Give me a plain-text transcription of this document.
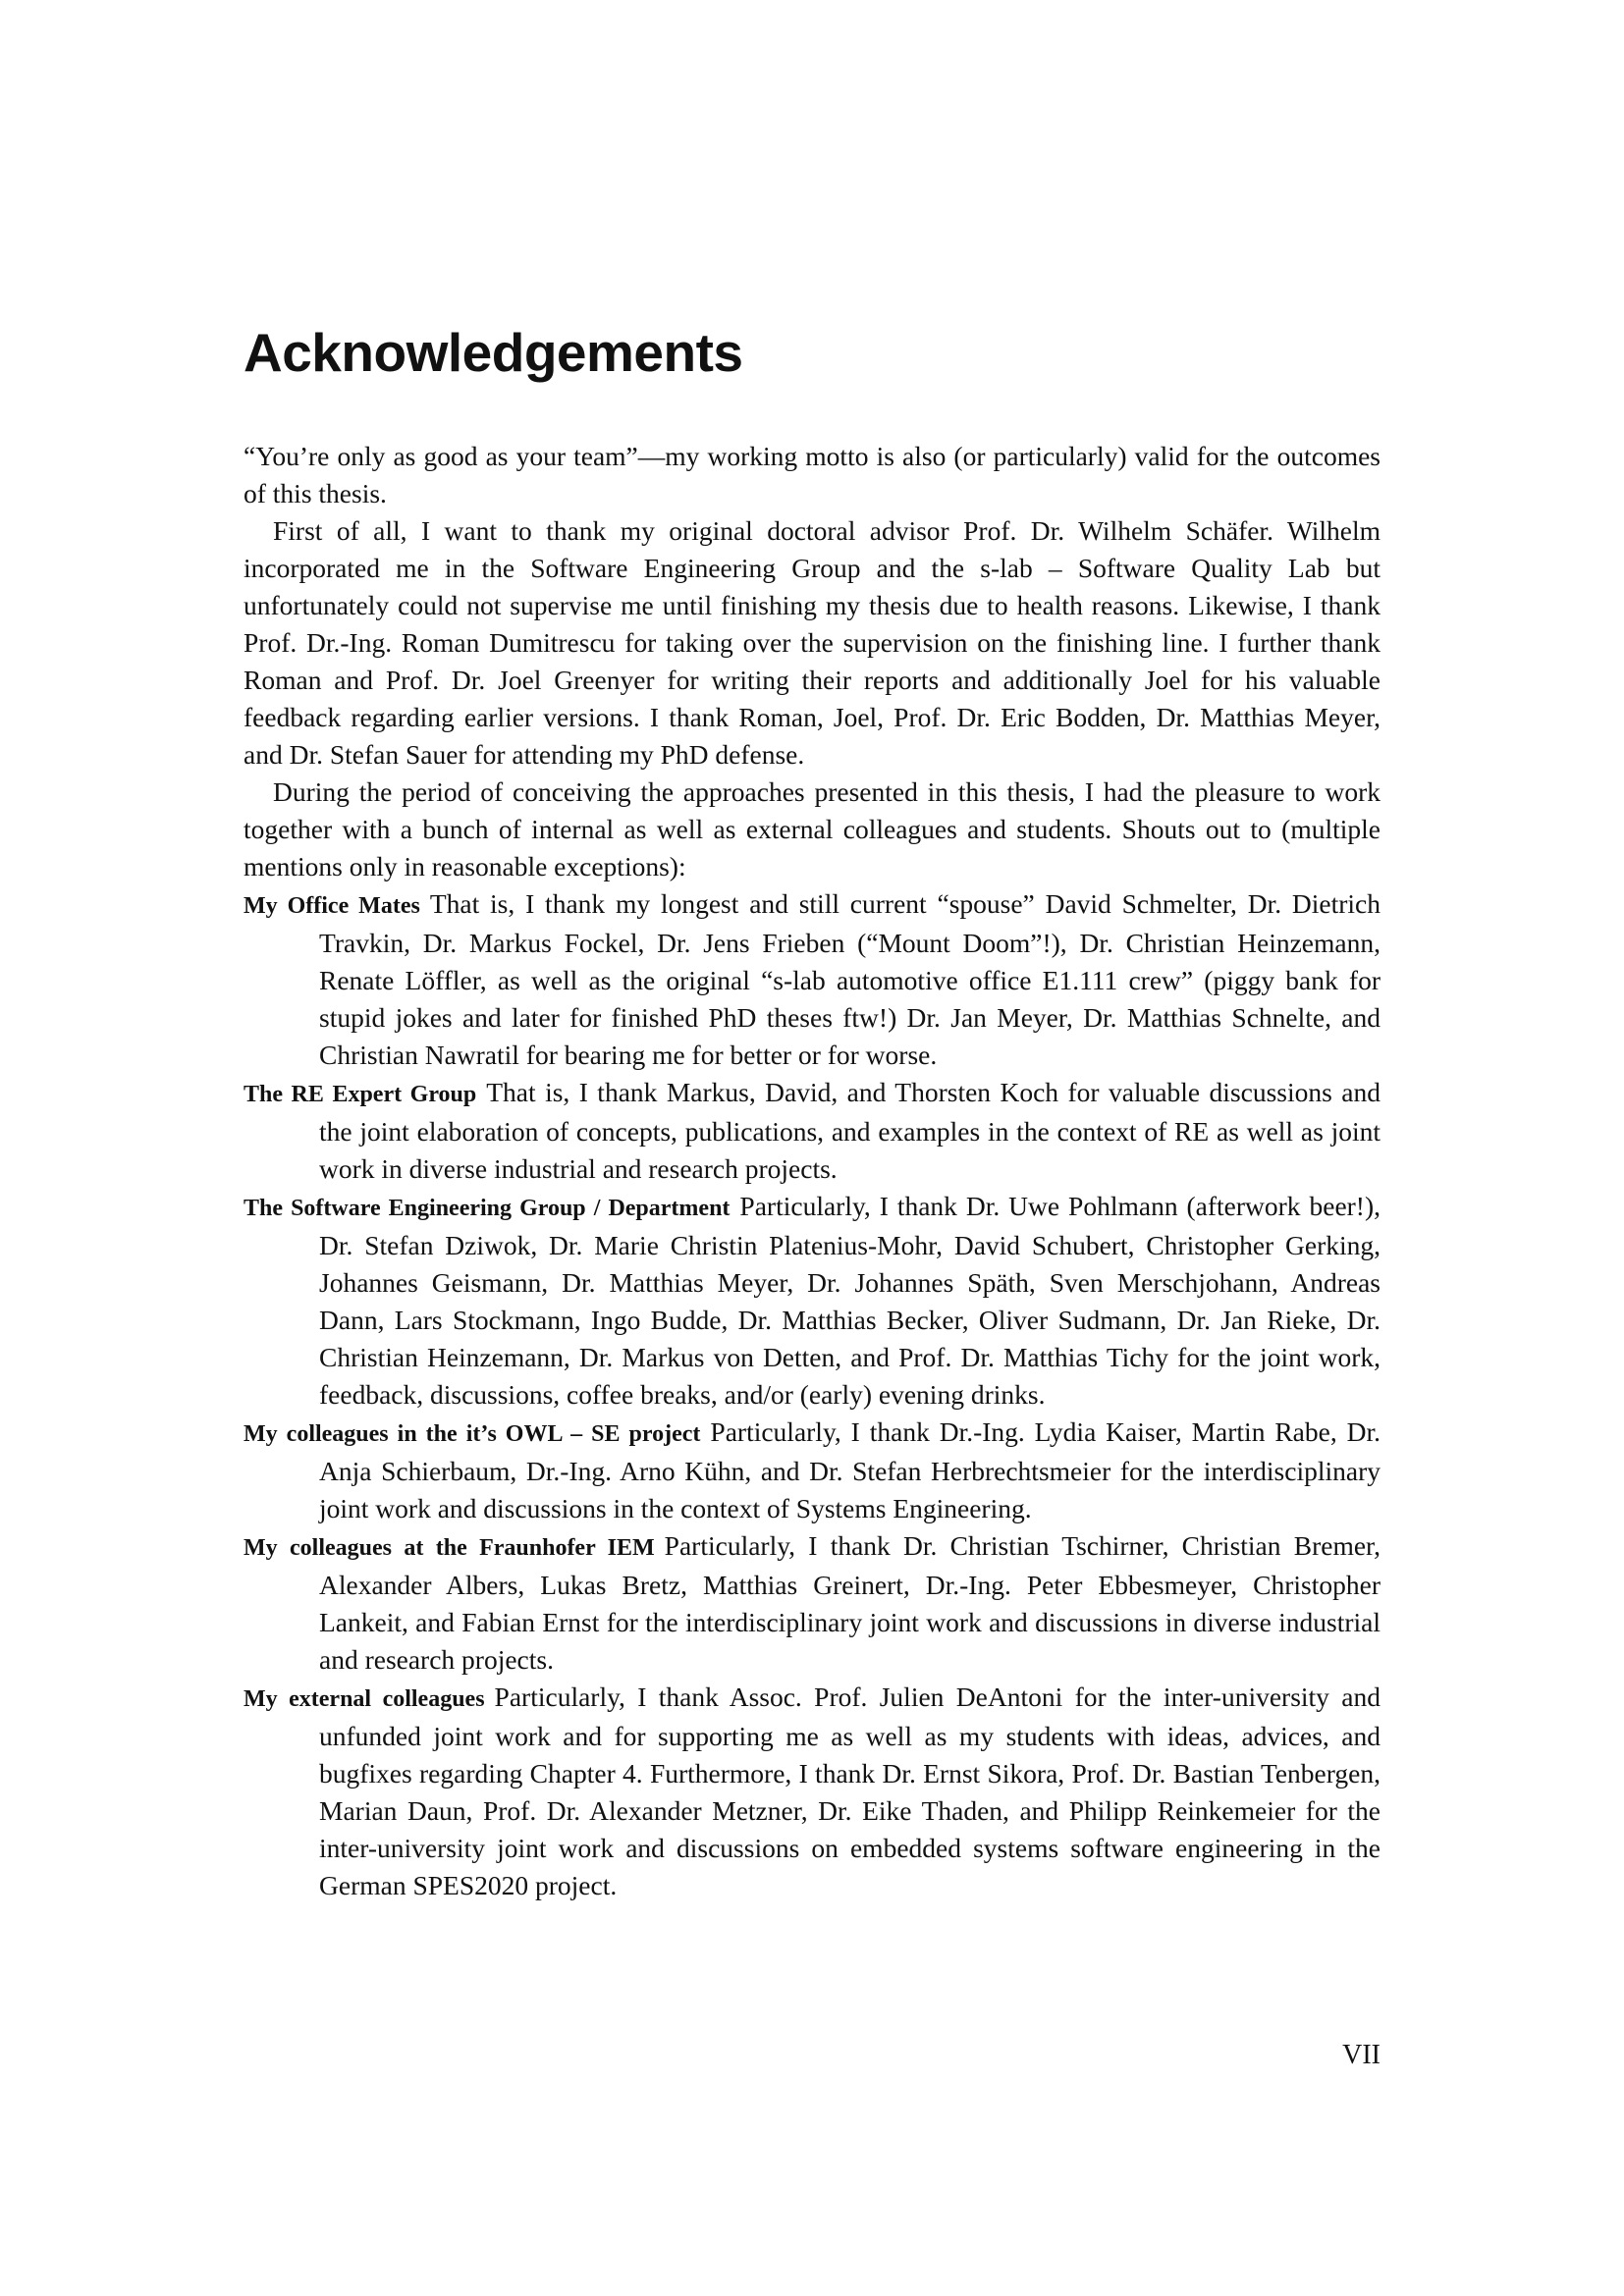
Acknowledgements

“You’re only as good as your team”—my working motto is also (or particularly) valid for the outcomes of this thesis.

First of all, I want to thank my original doctoral advisor Prof. Dr. Wilhelm Schäfer. Wilhelm incorporated me in the Software Engineering Group and the s-lab – Software Quality Lab but unfortunately could not supervise me until finishing my thesis due to health reasons. Likewise, I thank Prof. Dr.-Ing. Roman Dumitrescu for taking over the supervision on the finishing line. I further thank Roman and Prof. Dr. Joel Greenyer for writing their reports and additionally Joel for his valuable feedback regarding earlier versions. I thank Roman, Joel, Prof. Dr. Eric Bodden, Dr. Matthias Meyer, and Dr. Stefan Sauer for attending my PhD defense.

During the period of conceiving the approaches presented in this thesis, I had the pleasure to work together with a bunch of internal as well as external colleagues and students. Shouts out to (multiple mentions only in reasonable exceptions):

My Office Mates That is, I thank my longest and still current “spouse” David Schmelter, Dr. Dietrich Travkin, Dr. Markus Fockel, Dr. Jens Frieben (“Mount Doom”!), Dr. Christian Heinzemann, Renate Löffler, as well as the original “s-lab automotive office E1.111 crew” (piggy bank for stupid jokes and later for finished PhD theses ftw!) Dr. Jan Meyer, Dr. Matthias Schnelte, and Christian Nawratil for bearing me for better or for worse.

The RE Expert Group That is, I thank Markus, David, and Thorsten Koch for valuable discussions and the joint elaboration of concepts, publications, and examples in the context of RE as well as joint work in diverse industrial and research projects.

The Software Engineering Group / Department Particularly, I thank Dr. Uwe Pohlmann (afterwork beer!), Dr. Stefan Dziwok, Dr. Marie Christin Platenius-Mohr, David Schubert, Christopher Gerking, Johannes Geismann, Dr. Matthias Meyer, Dr. Johannes Späth, Sven Merschjohann, Andreas Dann, Lars Stockmann, Ingo Budde, Dr. Matthias Becker, Oliver Sudmann, Dr. Jan Rieke, Dr. Christian Heinzemann, Dr. Markus von Detten, and Prof. Dr. Matthias Tichy for the joint work, feedback, discussions, coffee breaks, and/or (early) evening drinks.

My colleagues in the it’s OWL – SE project Particularly, I thank Dr.-Ing. Lydia Kaiser, Martin Rabe, Dr. Anja Schierbaum, Dr.-Ing. Arno Kühn, and Dr. Stefan Herbrechtsmeier for the interdisciplinary joint work and discussions in the context of Systems Engineering.

My colleagues at the Fraunhofer IEM Particularly, I thank Dr. Christian Tschirner, Christian Bremer, Alexander Albers, Lukas Bretz, Matthias Greinert, Dr.-Ing. Peter Ebbesmeyer, Christopher Lankeit, and Fabian Ernst for the interdisciplinary joint work and discussions in diverse industrial and research projects.

My external colleagues Particularly, I thank Assoc. Prof. Julien DeAntoni for the inter-university and unfunded joint work and for supporting me as well as my students with ideas, advices, and bugfixes regarding Chapter 4. Furthermore, I thank Dr. Ernst Sikora, Prof. Dr. Bastian Tenbergen, Marian Daun, Prof. Dr. Alexander Metzner, Dr. Eike Thaden, and Philipp Reinkemeier for the inter-university joint work and discussions on embedded systems software engineering in the German SPES2020 project.

VII
